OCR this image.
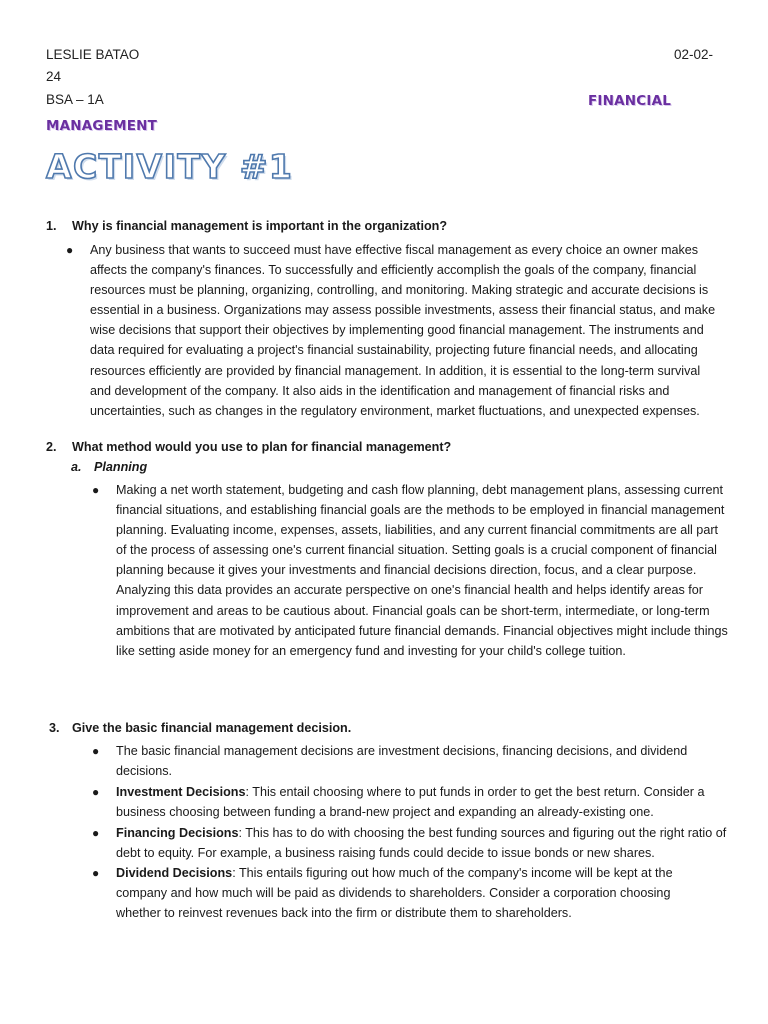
LESLIE BATAO	02-02-
24
BSA – 1A	FINANCIAL
MANAGEMENT
ACTIVITY #1
1. Why is financial management is important in the organization?
● Any business that wants to succeed must have effective fiscal management as every choice an owner makes affects the company's finances. To successfully and efficiently accomplish the goals of the company, financial resources must be planning, organizing, controlling, and monitoring. Making strategic and accurate decisions is essential in a business. Organizations may assess possible investments, assess their financial status, and make wise decisions that support their objectives by implementing good financial management. The instruments and data required for evaluating a project's financial sustainability, projecting future financial needs, and allocating resources efficiently are provided by financial management. In addition, it is essential to the long-term survival and development of the company. It also aids in the identification and management of financial risks and uncertainties, such as changes in the regulatory environment, market fluctuations, and unexpected expenses.
2. What method would you use to plan for financial management?
a. Planning
● Making a net worth statement, budgeting and cash flow planning, debt management plans, assessing current financial situations, and establishing financial goals are the methods to be employed in financial management planning. Evaluating income, expenses, assets, liabilities, and any current financial commitments are all part of the process of assessing one's current financial situation. Setting goals is a crucial component of financial planning because it gives your investments and financial decisions direction, focus, and a clear purpose. Analyzing this data provides an accurate perspective on one's financial health and helps identify areas for improvement and areas to be cautious about. Financial goals can be short-term, intermediate, or long-term ambitions that are motivated by anticipated future financial demands. Financial objectives might include things like setting aside money for an emergency fund and investing for your child's college tuition.
3. Give the basic financial management decision.
● The basic financial management decisions are investment decisions, financing decisions, and dividend decisions.
● Investment Decisions: This entail choosing where to put funds in order to get the best return. Consider a business choosing between funding a brand-new project and expanding an already-existing one.
● Financing Decisions: This has to do with choosing the best funding sources and figuring out the right ratio of debt to equity. For example, a business raising funds could decide to issue bonds or new shares.
● Dividend Decisions: This entails figuring out how much of the company's income will be kept at the company and how much will be paid as dividends to shareholders. Consider a corporation choosing whether to reinvest revenues back into the firm or distribute them to shareholders.
